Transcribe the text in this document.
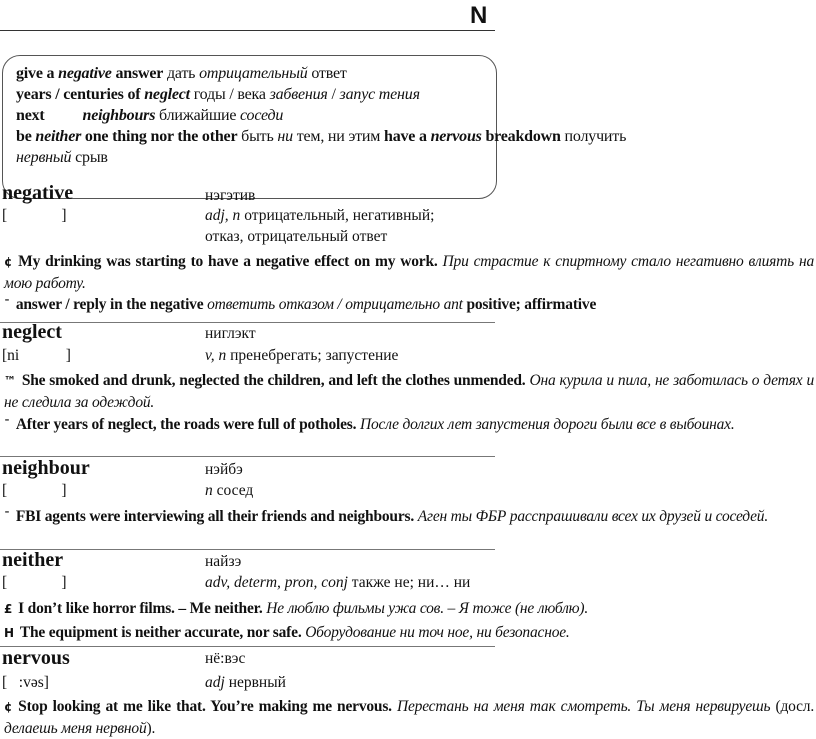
N
give a negative answer дать отрицательный ответ
years / centuries of neglect годы / века забвения / запус тения
next          neighbours ближайшие соседи
be neither one thing nor the other быть ни тем, ни этим have a nervous breakdown получить
нервный срыв
negative	нэгэтив
[              ]	adj, n отрицательный, негативный;
отказ, отрицательный ответ
¢ My drinking was starting to have a negative effect on my work. При страстие к спиртному стало негативно влиять на мою работу.
ˉ answer / reply in the negative ответить отказом / отрицательно ant positive; affirmative
neglect	ниглэкт
[ni            ]	v, n пренебрегать; запустение
™ She smoked and drunk, neglected the children, and left the clothes unmended. Она курила и пила, не заботилась о детях и не следила за одеждой.
ˉ After years of neglect, the roads were full of potholes. После долгих лет запустения дороги были все в выбоинах.
neighbour	нэйбэ
[              ]	n сосед
ˉ FBI agents were interviewing all their friends and neighbours. Аген ты ФБР расспрашивали всех их друзей и соседей.
neither	найзэ
[              ]	adv, determ, pron, conj также не; ни… ни
£ I don’t like horror films. – Me neither. Не люблю фильмы ужа сов. – Я тоже (не люблю).
Н The equipment is neither accurate, nor safe. Оборудование ни точ ное, ни безопасное.
nervous	нё:вэс
[   :vəs]	adj нервный
¢ Stop looking at me like that. You’re making me nervous. Перестань на меня так смотреть. Ты меня нервируешь (досл. делаешь меня нервной).
